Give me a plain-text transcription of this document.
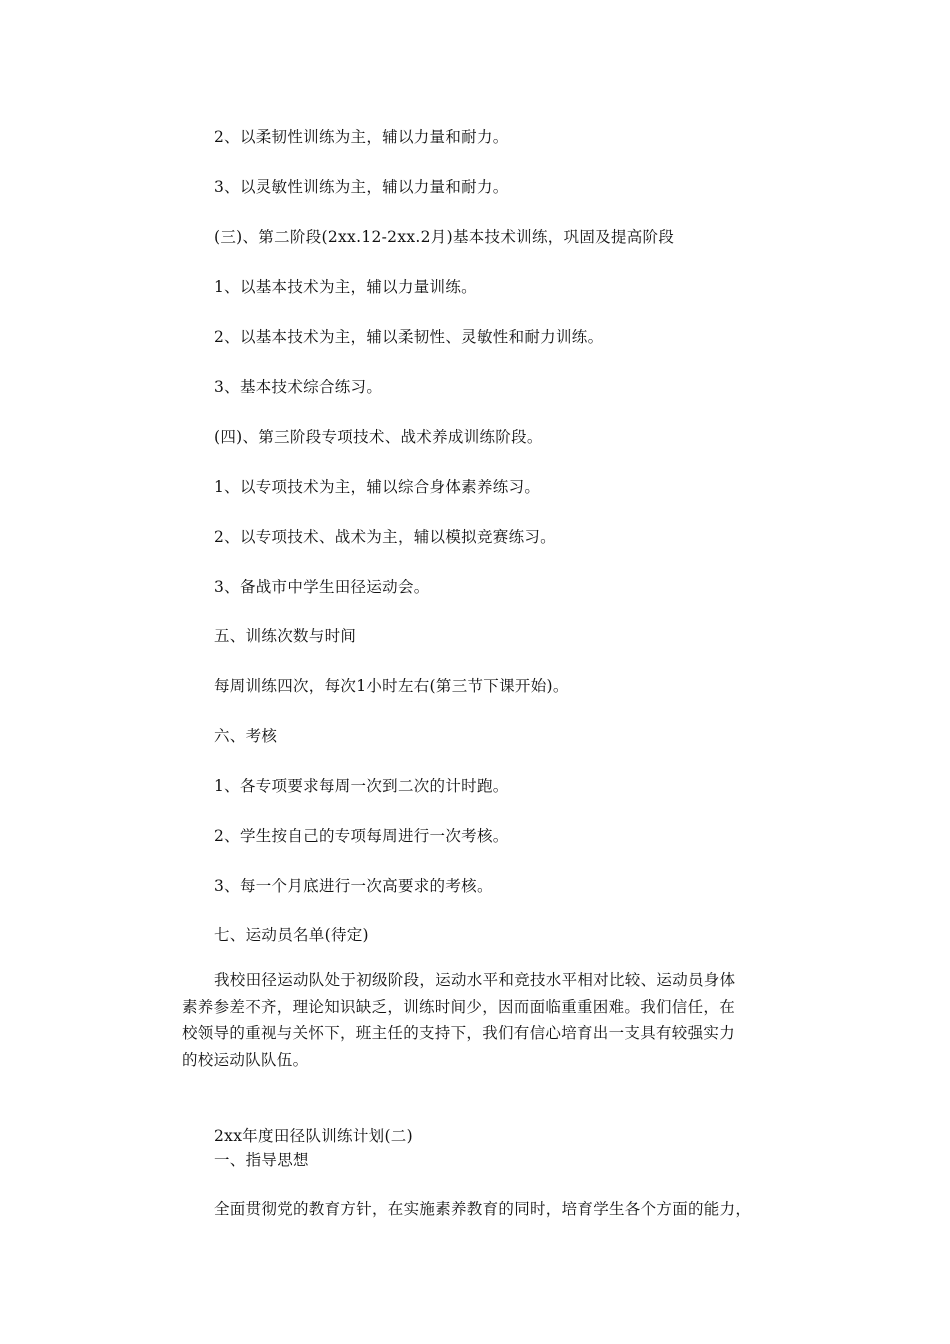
2、以柔韧性训练为主，辅以力量和耐力。
3、以灵敏性训练为主，辅以力量和耐力。
(三)、第二阶段(2xx.12-2xx.2月)基本技术训练，巩固及提高阶段
1、以基本技术为主，辅以力量训练。
2、以基本技术为主，辅以柔韧性、灵敏性和耐力训练。
3、基本技术综合练习。
(四)、第三阶段专项技术、战术养成训练阶段。
1、以专项技术为主，辅以综合身体素养练习。
2、以专项技术、战术为主，辅以模拟竞赛练习。
3、备战市中学生田径运动会。
五、训练次数与时间
每周训练四次，每次1小时左右(第三节下课开始)。
六、考核
1、各专项要求每周一次到二次的计时跑。
2、学生按自己的专项每周进行一次考核。
3、每一个月底进行一次高要求的考核。
七、运动员名单(待定)
我校田径运动队处于初级阶段，运动水平和竞技水平相对比较、运动员身体
素养参差不齐，理论知识缺乏，训练时间少，因而面临重重困难。我们信任，在
校领导的重视与关怀下，班主任的支持下，我们有信心培育出一支具有较强实力
的校运动队队伍。
2xx年度田径队训练计划(二)
一、指导思想
全面贯彻党的教育方针，在实施素养教育的同时，培育学生各个方面的能力，
